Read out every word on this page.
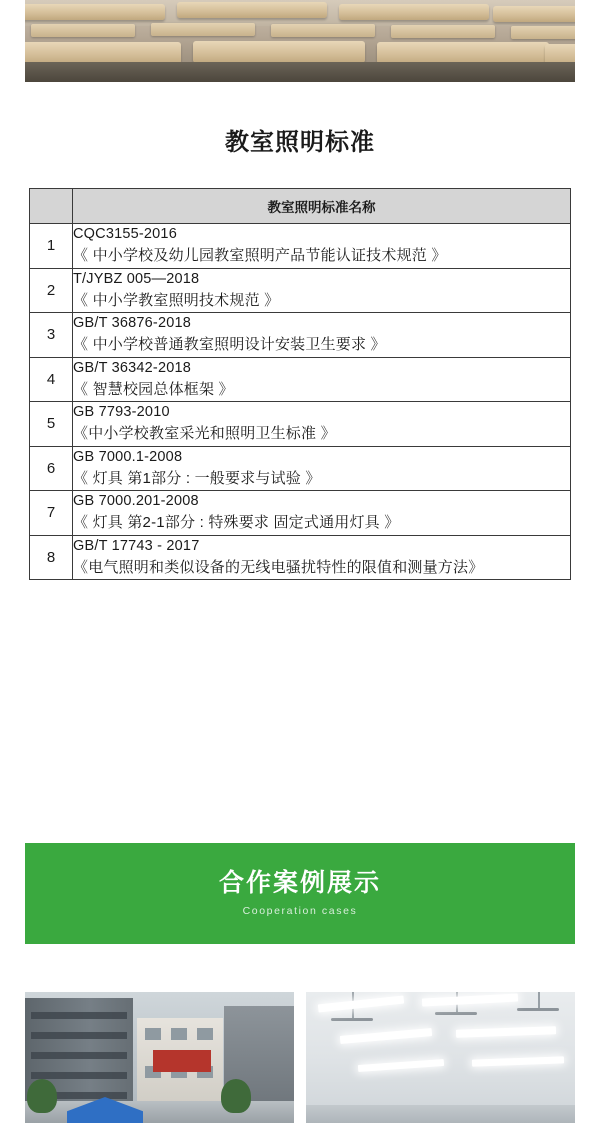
教室照明标准
	教室照明标准名称
1	CQC3155-2016
《 中小学校及幼儿园教室照明产品节能认证技术规范 》

2	T/JYBZ 005—2018
《 中小学教室照明技术规范 》

3	GB/T 36876-2018
《 中小学校普通教室照明设计安装卫生要求 》

4	GB/T 36342-2018
《 智慧校园总体框架 》

5	GB 7793-2010
《中小学校教室采光和照明卫生标准 》

6	GB 7000.1-2008
《 灯具 第1部分 : 一般要求与试验 》

7	GB 7000.201-2008
《 灯具 第2-1部分 : 特殊要求 固定式通用灯具 》

8	GB/T 17743 - 2017
《电气照明和类似设备的无线电骚扰特性的限值和测量方法》
合作案例展示
Cooperation cases
